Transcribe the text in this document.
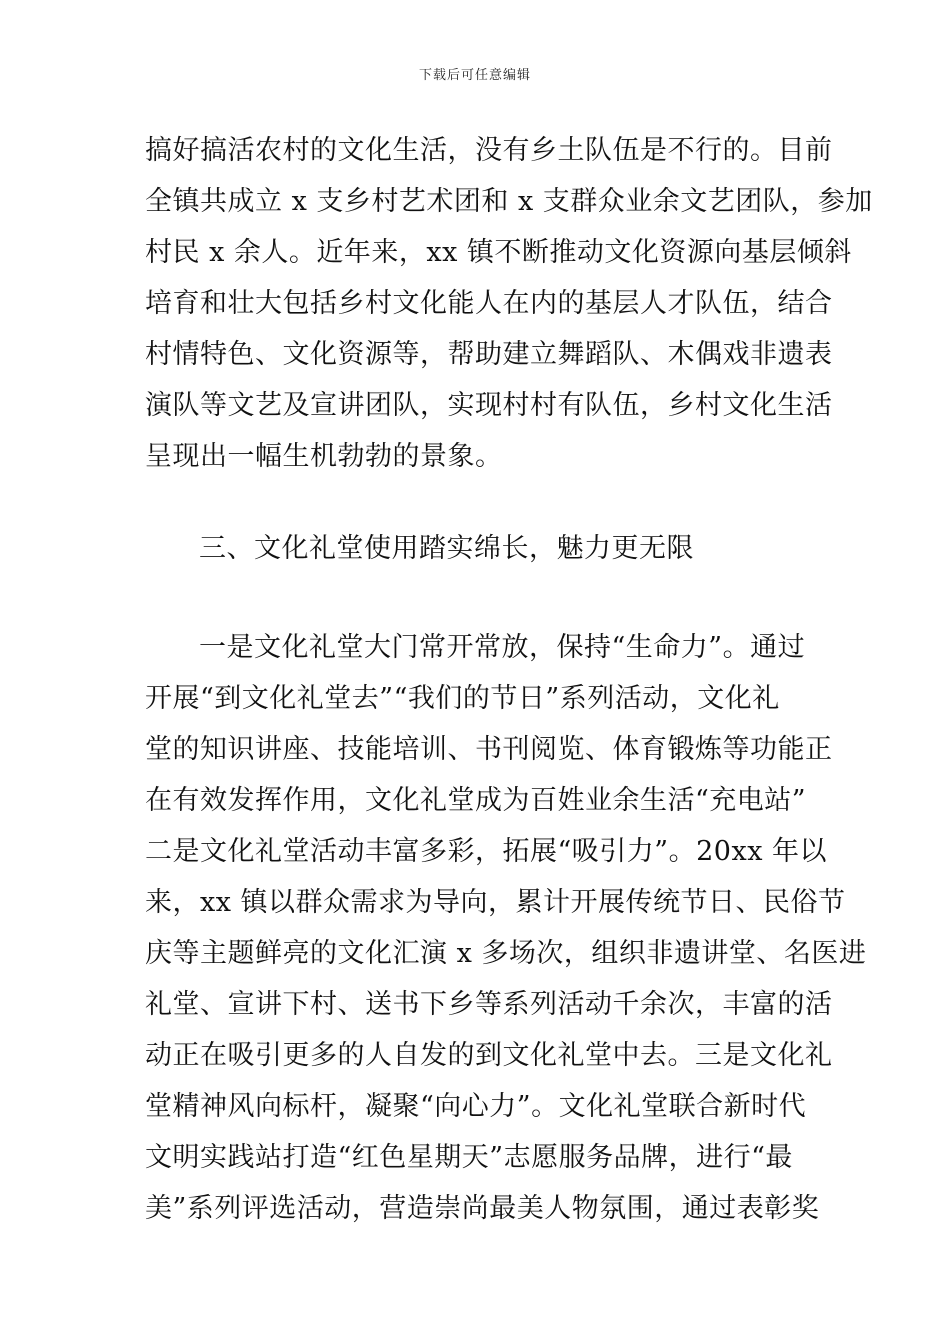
下载后可任意编辑
搞好搞活农村的文化生活，没有乡土队伍是不行的。目前
全镇共成立 x 支乡村艺术团和 x 支群众业余文艺团队，参加
村民 x 余人。近年来，xx 镇不断推动文化资源向基层倾斜
培育和壮大包括乡村文化能人在内的基层人才队伍，结合
村情特色、文化资源等，帮助建立舞蹈队、木偶戏非遗表
演队等文艺及宣讲团队，实现村村有队伍，乡村文化生活
呈现出一幅生机勃勃的景象。
三、文化礼堂使用踏实绵长，魅力更无限
一是文化礼堂大门常开常放，保持“生命力”。通过
开展“到文化礼堂去”“我们的节日”系列活动，文化礼
堂的知识讲座、技能培训、书刊阅览、体育锻炼等功能正
在有效发挥作用，文化礼堂成为百姓业余生活“充电站”
二是文化礼堂活动丰富多彩，拓展“吸引力”。20xx 年以
来，xx 镇以群众需求为导向，累计开展传统节日、民俗节
庆等主题鲜亮的文化汇演 x 多场次，组织非遗讲堂、名医进
礼堂、宣讲下村、送书下乡等系列活动千余次，丰富的活
动正在吸引更多的人自发的到文化礼堂中去。三是文化礼
堂精神风向标杆，凝聚“向心力”。文化礼堂联合新时代
文明实践站打造“红色星期天”志愿服务品牌，进行“最
美”系列评选活动，营造崇尚最美人物氛围，通过表彰奖
